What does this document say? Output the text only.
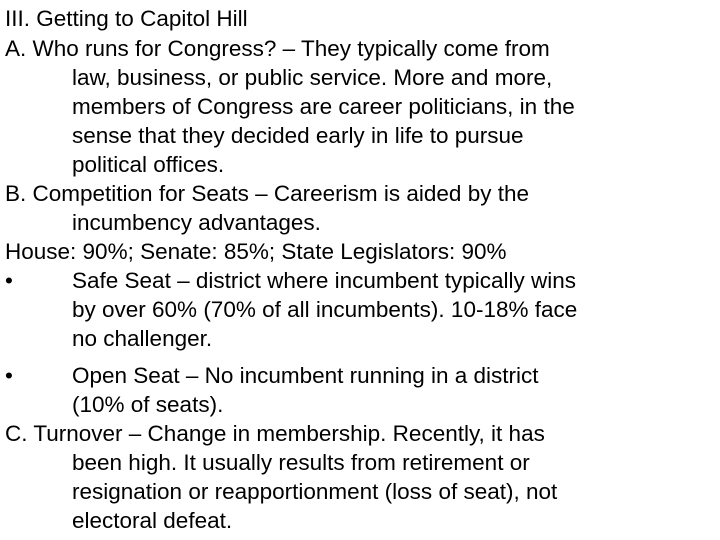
III. Getting to Capitol Hill
A. Who runs for Congress? – They typically come from
law, business, or public service. More and more,
members of Congress are career politicians, in the
sense that they decided early in life to pursue
political offices.
B. Competition for Seats – Careerism is aided by the
incumbency advantages.
House: 90%; Senate: 85%; State Legislators: 90%
•	Safe Seat – district where incumbent typically wins
by over 60% (70% of all incumbents). 10-18% face
no challenger.
•	Open Seat – No incumbent running in a district
(10% of seats).
C. Turnover – Change in membership. Recently, it has
been high. It usually results from retirement or
resignation or reapportionment (loss of seat), not
electoral defeat.
